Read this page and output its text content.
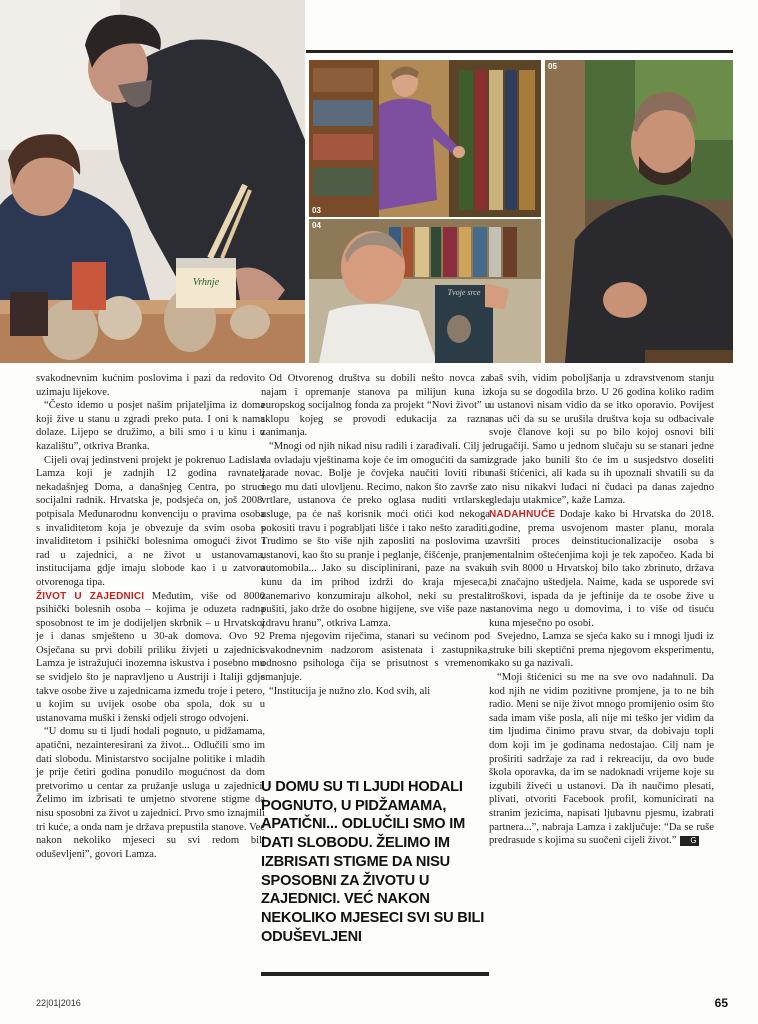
Vrhnje
03
Tvoje srce
04
05

svakodnevnim kućnim poslovima i pazi da redovito uzimaju lijekove.

“Često idemo u posjet našim prijateljima iz doma koji žive u stanu u zgradi preko puta. I oni k nama dolaze. Lijepo se družimo, a bili smo i u kinu i u kazalištu”, otkriva Branka.

Cijeli ovaj jedinstveni projekt je pokrenuo Ladislav Lamza koji je zadnjih 12 godina ravnatelj nekadašnjeg Doma, a današnjeg Centra, po struci socijalni radnik. Hrvatska je, podsjeća on, još 2008. potpisala Međunarodnu konvenciju o pravima osoba s invaliditetom koja je obvezuje da svim osoba s invaliditetom i psihički bolesnima omogući život i rad u zajednici, a ne život u ustanovama, institucijama gdje imaju slobode kao i u zatvoru otvorenoga tipa.

ŽIVOT U ZAJEDNICI Međutim, više od 8000 psihički bolesnih osoba – kojima je oduzeta radna sposobnost te im je dodijeljen skrbnik – u Hrvatskoj je i danas smješteno u 30-ak domova. Ovo 92 Osječana su prvi dobili priliku živjeti u zajednici. Lamza je istražujući inozemna iskustva i posebno mu se svidjelo što je napravljeno u Austriji i Italiji gdje takve osobe žive u zajednicama između troje i petero, u kojim su uvijek osobe oba spola, dok su u ustanovama muški i ženski odjeli strogo odvojeni.

“U domu su ti ljudi hodali pognuto, u pidžamama, apatični, nezainteresirani za život... Odlučili smo im dati slobodu. Ministarstvo socijalne politike i mladih je prije četiri godina ponudilo mogućnost da dom pretvorimo u centar za pružanje usluga u zajednici. Želimo im izbrisati te umjetno stvorene stigme da nisu sposobni za život u zajednici. Prvo smo iznajmili tri kuće, a onda nam je država prepustila stanove. Već nakon nekoliko mjeseci su svi redom bili oduševljeni”, govori Lamza.

Od Otvorenog društva su dobili nešto novca za najam i opremanje stanova pa milijun kuna iz europskog socijalnog fonda za projekt “Novi život” u sklopu kojeg se provodi edukacija za razna zanimanja.

“Mnogi od njih nikad nisu radili i zarađivali. Cilj je da ovladaju vještinama koje će im omogućiti da sami zarade novac. Bolje je čovjeka naučiti loviti ribu nego mu dati ulovljenu. Recimo, nakon što završe za vrtlare, ustanova će preko oglasa nuditi vrtlarske usluge, pa će naš korisnik moći otići kod nekoga pokositi travu i pograbljati lišće i tako nešto zaraditi. Trudimo se što više njih zaposliti na poslovima u ustanovi, kao što su pranje i peglanje, čišćenje, pranje automobila... Jako su disciplinirani, paze na svaku kunu da im prihod izdrži do kraja mjeseca, zanemarivo konzumiraju alkohol, neki su prestali pušiti, jako drže do osobne higijene, sve više paze na zdravu hranu”, otkriva Lamza.

Prema njegovim riječima, stanari su većinom pod svakodnevnim nadzorom asistenata i zastupnika, odnosno psihologa čija se prisutnost s vremenom smanjuje.

“Institucija je nužno zlo. Kod svih, ali

baš svih, vidim poboljšanja u zdravstvenom stanju koja su se dogodila brzo. U 26 godina koliko radim u ustanovi nisam vidio da se itko oporavio. Povijest nas uči da su se urušila društva koja su odbacivale svoje članove koji su po bilo kojoj osnovi bili drugačiji. Samo u jednom slučaju su se stanari jedne zgrade jako bunili što će im u susjedstvo doseliti naši štićenici, ali kada su ih upoznali shvatili su da to nisu nikakvi luđaci ni čudaci pa danas zajedno gledaju utakmice”, kaže Lamza.

NADAHNUĆE Dodaje kako bi Hrvatska do 2018. godine, prema usvojenom master planu, morala završiti proces deinstitucionalizacije osoba s mentalnim oštećenjima koji je tek započeo. Kada bi ih svih 8000 u Hrvatskoj bilo tako zbrinuto, država bi značajno uštedjela. Naime, kada se usporede svi troškovi, ispada da je jeftinije da te osobe žive u stanovima nego u domovima, i to više od tisuću kuna mjesečno po osobi.

Svejedno, Lamza se sjeća kako su i mnogi ljudi iz struke bili skeptični prema njegovom eksperimentu, kako su ga nazivali.

“Moji štićenici su me na sve ovo nadahnuli. Da kod njih ne vidim pozitivne promjene, ja to ne bih radio. Meni se nije život mnogo promijenio osim što sada imam više posla, ali nije mi teško jer vidim da tim ljudima činimo pravu stvar, da dobivaju topli dom koji im je godinama nedostajao. Cilj nam je proširiti sadržaje za rad i rekreaciju, da ovo bude škola oporavka, da im se nadoknadi vrijeme koje su izgubili živeći u ustanovi. Da ih naučimo plesati, plivati, otvoriti Facebook profil, komunicirati na stranim jezicima, napisati ljubavnu pjesmu, izabrati partnera...”, nabraja Lamza i zaključuje: “Da se ruše predrasude s kojima su suočeni cijeli život.” G

U DOMU SU TI LJUDI HODALI POGNUTO, U PIDŽAMAMA, APATIČNI... ODLUČILI SMO IM DATI SLOBODU. ŽELIMO IM IZBRISATI STIGME DA NISU SPOSOBNI ZA ŽIVOTU U ZAJEDNICI. VEĆ NAKON NEKOLIKO MJESECI SVI SU BILI ODUŠEVLJENI
22|01|2016	65
